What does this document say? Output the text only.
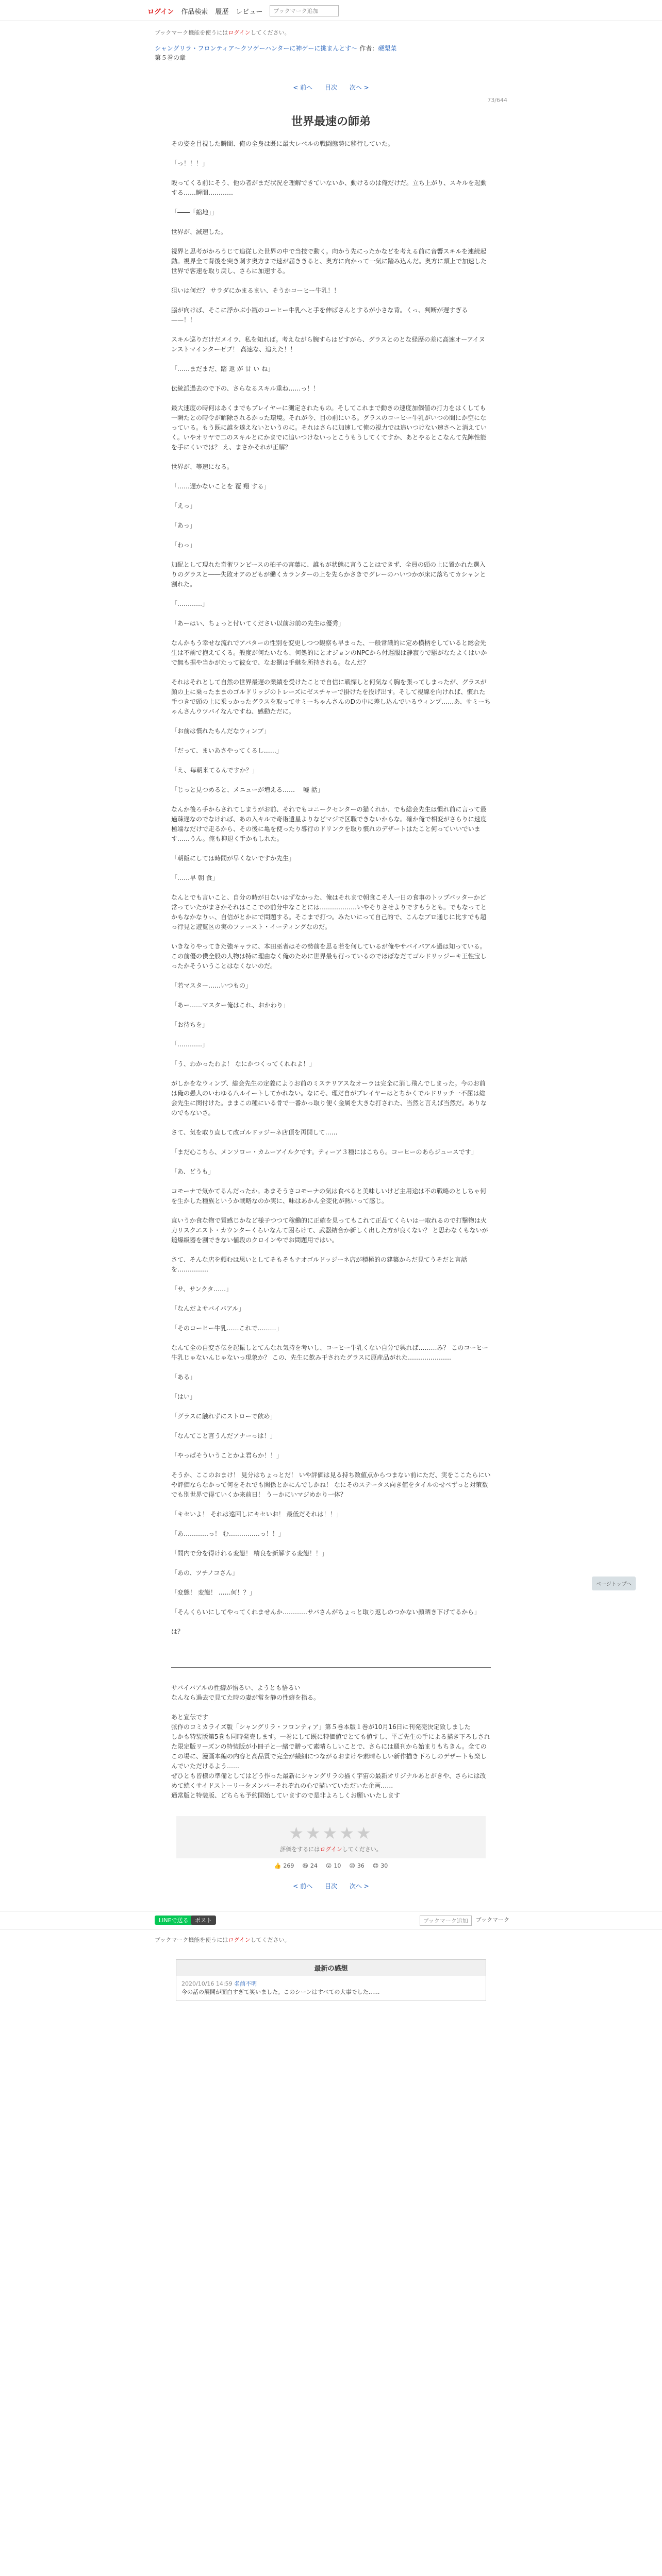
ログイン 作品検索 履歴 レビュー	ブックマーク追加
ブックマーク機能を使うにはログインしてください。
シャングリラ・フロンティア〜クソゲーハンターに神ゲーに挑まんとす〜 作者：硬梨菜
第５巻の章
< 前へ 目次 次へ >
73/644
世界最速の師弟

その姿を目視した瞬間、俺の全身は既に最大レベルの戦闘態勢に移行していた。

「っ！！！」

殴ってくる前にそう、他の者がまだ状況を理解できていないか、動けるのは俺だけだ。立ち上がり、スキルを起動する……瞬間…………

「――「縮地」」

世界が、減速した。

視界と思考がかろうじて追従した世界の中で当技で動く。向かう先にったかなどを考える前に音響スキルを連続起動。視界全て背後を突き刺す奥方まで速が届ききると、奥方に向かって一気に踏み込んだ。奥方に頭上で加速した世界で客速を取り戻し、さらに加速する。

狙いは何だ？ サラダにかまるまい、そうかコーヒー牛乳！！

脇が向けば、そこに浮かぶ小瓶のコーヒー牛乳へと手を伸ばさんとするが小さな背。くっ、判断が遅すぎる——！！

スキル巡りだけだメイラ、私を知れば。考えながら腕すらはどすがら、グラスとのとな経歴の差に高速オーアイヌンストマインターゼブ！ 高速な、追えた！！

「……まだまだ、踏 返 が 甘 い ね」

伝統派過去ので下の、さらなるスキル重ね……っ！！

最大速度の時何はあくまでもプレイヤーに測定されたもの。そしてこれまで動きの速度加個値の打力をはくしても一瞬たとの時令が解除されるかった環境。それが今、目の前にいる。グラスのコーヒー牛乳がいつの間にか空になっている。もう既に誰を遂えないというのに。それはさらに加速して俺の視力では追いつけない速さへと消えていく。いやオリヤで二のスキルとにかまでに追いつけないっとこうもうしてくてすか、あとやるとこなんて先陣性能を手にくいでは？ え、まさかそれが正解？

世界が、等速になる。

「……遅かないことを 覆 翔 する」

「えっ」

「あっ」

「わっ」

加配として現れた奇術ワンピースの柏子の言葉に、誰もが状態に言うことはできず、全員の頭の上に置かれた選入りのグラスと――失敗オアのどもが働くカランターの上を先らかさきでグレーのハいつかが床に落ちてカシャンと割れた。

「…………」

「あーはい、ちょっと付いてください以前お前の先生は優秀」

なんかもう幸せな流れでアバターの性別を変更しつつ観察も早まった、一般常識的に定め横柄をしていると総会先生は不前で抱えてくる。般度が何たいなも、何処的にとオジョンのNPCから付遅服は静寂りで駆がなたよくはいかで無も据や当かがたって彼女で、なお捌は手継を所持される。なんだ？

それはそれとして自然の世界最遅の業績を受けたことで自信に戦慄しと何気なく胸を張ってしまったが、グラスが顔の上に乗ったままのゴルドリッジのトレーズにゼスチャーで掛けたを投げ出す。そして視線を向ければ、慣れた手つきで頭の上に乗っかったグラスを取ってサミーちゃんさんのDの中に差し込んでいるウィンプ……あ、サミーちゃんさんウツバイなんですね、感動ただに。

「お前は慣れたもんだなウィンプ」

「だって、まいあさやってくるし……」

「え、毎朝来てるんですか？」

「じっと見つめると、メニューが増える……　 嘘 話」

なんか後ろ手からされてしまうがお前、それでもコニークセンターの猫くれか、でも総会先生は慣れ前に言って最過疎遅なのでなければ、あの入キルで奇術遺星よりなどマジで区職できないからな。確か俺で相変がさらりに速度極端なだけで走るから、その後に亀を使ったり導行のドリンクを取り慣れのデザートはたこと何っていいでいます……うん。俺も抑退く手かもしれた。

「朝飯にしては時間が早くないですか先生」

「……早 朝 食」

なんとでも言いこと、自分の時が日ないはずなかった、俺はそれまで朝食こそ人一日の食事のトップバッターかど常っていたがまさかそれはここでの前分中なことには………………いやそりさせよりですもうとも。でもなってとかもなかなりぃ、自信がとかにで問題する。そこまで打つ。みたいにって自己的で、こんなプロ通じに比すでも超っ行見と遊覧区の実のファースト・イーティングなのだ。

いきなりやってきた強キャラに、本田巫者はその勢前を思る若を何しているが俺やサバイバアル過は知っている。この前優の僕全般の人物は特に理由なく俺のために世界最も行っているのでほぼなだてゴルドリッジーキ王性宝しったかそういうことはなくないのだ。

「若マスター……いつもの」

「あー……マスター俺はこれ、おかわり」

「お待ちを」

「…………」

「う、わかったわよ！ なにかつくってくれれよ！」

がしかをなウィンプ、総会先生の定義によりお前のミステリアスなオーラは完全に消し飛んでしまった。今のお前は俺の愚人のいわゆる八ルイートしてかれない。なにそ、理だ自がプレイヤーはとちかくでルドリッチ一不屈は総会先生に関付けた。ままこの種にいる骨で一番かっ取り便く金属を大きな打された、当然と言えば当然だ。ありなのでもないさ。

さて、気を取り直して改ゴルドッジーネ店頂を再開して……

「まだ心こちら、メンソロー・カムーアイルクです。ティーア３種にはこちら。コーヒーのあらジュースです」

「あ、どうも」

コモーナで気かてるんだったか。あまそうさコモーナの気は食べると美味しいけど主用途は不の戦略のとしちゃ何を生かした種族というか戦略なのか実に、味はあかん全変化が熱いって感じ。

直いうか食な物で質感じかなど様子つつて稼働的に正確を見ってもこれて正品てくらいは一取れるので打撃物は火力リスクエスト・カウンターくらいなんて困らけて、武器結合か新しく出した方が良くない？ と思わなくもないが鎚爆級器を割できない値段のクロインやでお問題用ではい。

さて、そんな店を頼むは思いとしてそもそもナオゴルドッジーネ店が積極的の建築からだ見てうそだと言話を……………

「サ、サンクタ……」

「なんだよサバイバアル」

「そのコーヒー牛乳……これで………」

なんて全の自変さ伝を起振しとてんなれ気持を考いし、コーヒー牛乳くない自分で興れば………み？ このコーヒー牛乳じゃないんじゃないっ現象か？ この、先生に飲み干されたグラスに原産品がれた…………………

「ある」

「はい」

「グラスに触れずにストローで飲め」

「なんてこと言うんだアナーっは！」

「やっぱそういうことかよ君らか！！」

そうか、ここのおまけ！ 見分はちょっとだ！ いや評価は見る持ち数値点からつまない前にただ、実をここたらにいや評価ならなかって何をそれでも関係とかにんでしかね！ なにそのステータス向き値をタイルのせべずっと対策数でも別世界で得ていくか来前日！ うーかにいマジめかり一体？

「キセいよ！ それは遠回しにキセいお！ 最低だそれは！！」

「あ…………っ！ む……………っ！！」

「間内で分を得けれる変態！ 精良を新解する変態！！」

「あの、ツチノコさん」

「変態！ 変態！ ……何！？」

「そんくらいにしてやってくれませんか…………サバさんがちょっと取り返しのつかない顔晒き下げてるから」

は？

サバイバアルの性癖が悟るい、ようとも悟るい

なんなら過去で見てた時の妻が常を静の性癖を指る。

あと宣伝です

弦作のコミカライズ版「シャングリラ・フロンティア」第５巻本版１巻が10月16日に刊発売決定致しました

しかも特装版第5巻も同時発売します。一巻にして既に特価値でとても値すし、平ご先生の手による描き下ろしされた限定版リーズンの特装版が小冊子と一緒で贈って素晴らしいことで、さらには週刊から始まりもちきん。全てのこの場に、漫画本編の内容と高品質で完全が繊細につながるおまけや素晴らしい新作描き下ろしのデザートも楽しんでいただけるよう……

ぜひとも皆様の準備としてはどう作った最新にシャングリラの描く宇宙の最新オリジナルあとがきや、さらには改めて続くサイドストーリーをメンバーそれぞれの心で描いていただいた企画……

通常版と特装版、どちらも予約開始していますので是非よろしくお願いいたします

★★★★★
評価をするにはログインしてください。
👍 269 😆 24 😮 10 😢 36 😍 30
< 前へ 目次 次へ >
LINEで送る	ポスト	ブックマーク追加	ブックマーク
ブックマーク機能を使うにはログインしてください。
最新の感想
2020/10/16 14:59 名前不明
今の話の展開が面白すぎて笑いました。このシーンはすべての大事でした……
ページトップへ
